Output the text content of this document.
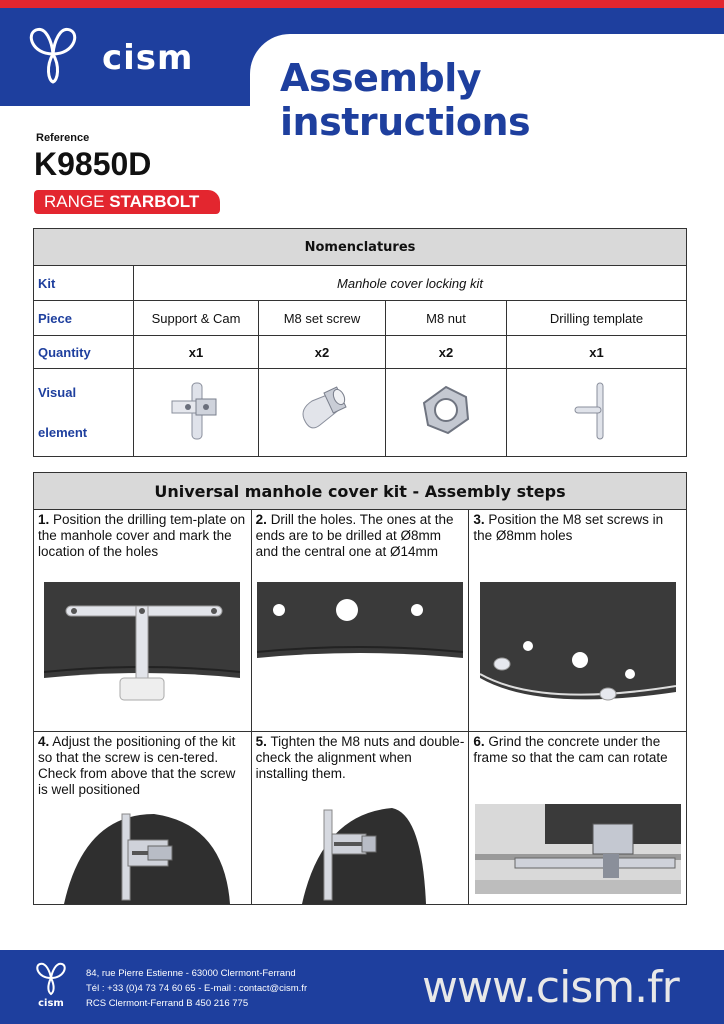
cism Assembly instructions
Reference
K9850D
RANGE STARBOLT
Nomenclatures				
Kit	Manhole cover locking kit			
Piece	Support & Cam	M8 set screw	M8 nut	Drilling template
Quantity	x1	x2	x2	x1
Visual
element				
Universal manhole cover kit - Assembly steps		

1. Position the drilling tem-plate on the manhole cover and mark the location of the holes	2. Drill the holes. The ones at the ends are to be drilled at Ø8mm and the central one at Ø14mm	3. Position the M8 set screws in the Ø8mm holes

4. Adjust the positioning of the kit so that the screw is cen-tered. Check from above that the screw is well positioned	5. Tighten the M8 nuts and double-check the alignment when installing them.	6. Grind the concrete under the frame so that the cam can rotate
cism
84, rue Pierre Estienne - 63000 Clermont-Ferrand
Tél : +33 (0)4 73 74 60 65 - E-mail : contact@cism.fr
RCS Clermont-Ferrand B 450 216 775	www.cism.fr
